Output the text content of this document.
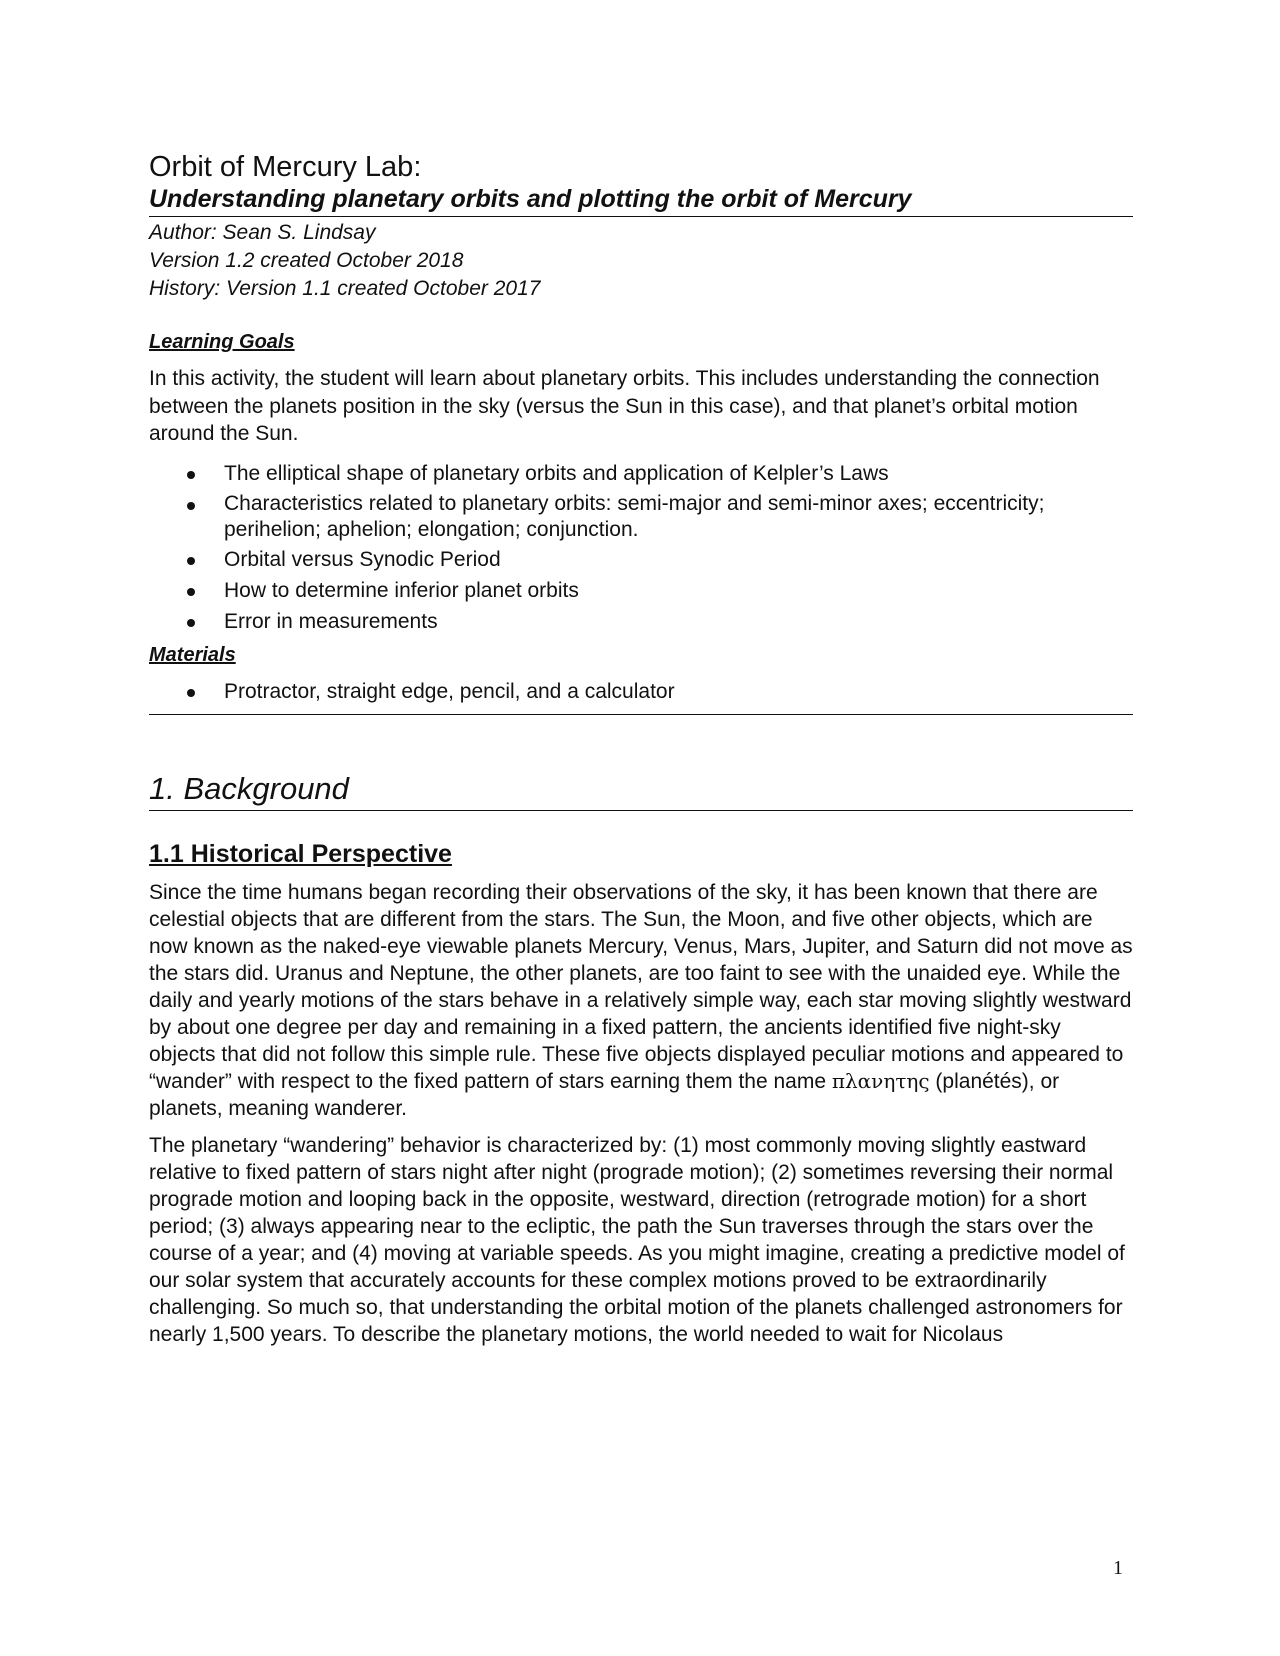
Orbit of Mercury Lab:
Understanding planetary orbits and plotting the orbit of Mercury

Author: Sean S. Lindsay

Version 1.2 created October 2018

History: Version 1.1 created October 2017

Learning Goals

In this activity, the student will learn about planetary orbits. This includes understanding the connection between the planets position in the sky (versus the Sun in this case), and that planet’s orbital motion around the Sun.

The elliptical shape of planetary orbits and application of Kelpler’s Laws
Characteristics related to planetary orbits: semi-major and semi-minor axes; eccentricity; perihelion; aphelion; elongation; conjunction.
Orbital versus Synodic Period
How to determine inferior planet orbits
Error in measurements

Materials

Protractor, straight edge, pencil, and a calculator
1. Background
1.1 Historical Perspective

Since the time humans began recording their observations of the sky, it has been known that there are celestial objects that are different from the stars. The Sun, the Moon, and five other objects, which are now known as the naked-eye viewable planets Mercury, Venus, Mars, Jupiter, and Saturn did not move as the stars did. Uranus and Neptune, the other planets, are too faint to see with the unaided eye. While the daily and yearly motions of the stars behave in a relatively simple way, each star moving slightly westward by about one degree per day and remaining in a fixed pattern, the ancients identified five night-sky objects that did not follow this simple rule. These five objects displayed peculiar motions and appeared to “wander” with respect to the fixed pattern of stars earning them the name πλανητης (planétés), or planets, meaning wanderer.

The planetary “wandering” behavior is characterized by: (1) most commonly moving slightly eastward relative to fixed pattern of stars night after night (prograde motion); (2) sometimes reversing their normal prograde motion and looping back in the opposite, westward, direction (retrograde motion) for a short period; (3) always appearing near to the ecliptic, the path the Sun traverses through the stars over the course of a year; and (4) moving at variable speeds. As you might imagine, creating a predictive model of our solar system that accurately accounts for these complex motions proved to be extraordinarily challenging. So much so, that understanding the orbital motion of the planets challenged astronomers for nearly 1,500 years. To describe the planetary motions, the world needed to wait for Nicolaus

1
